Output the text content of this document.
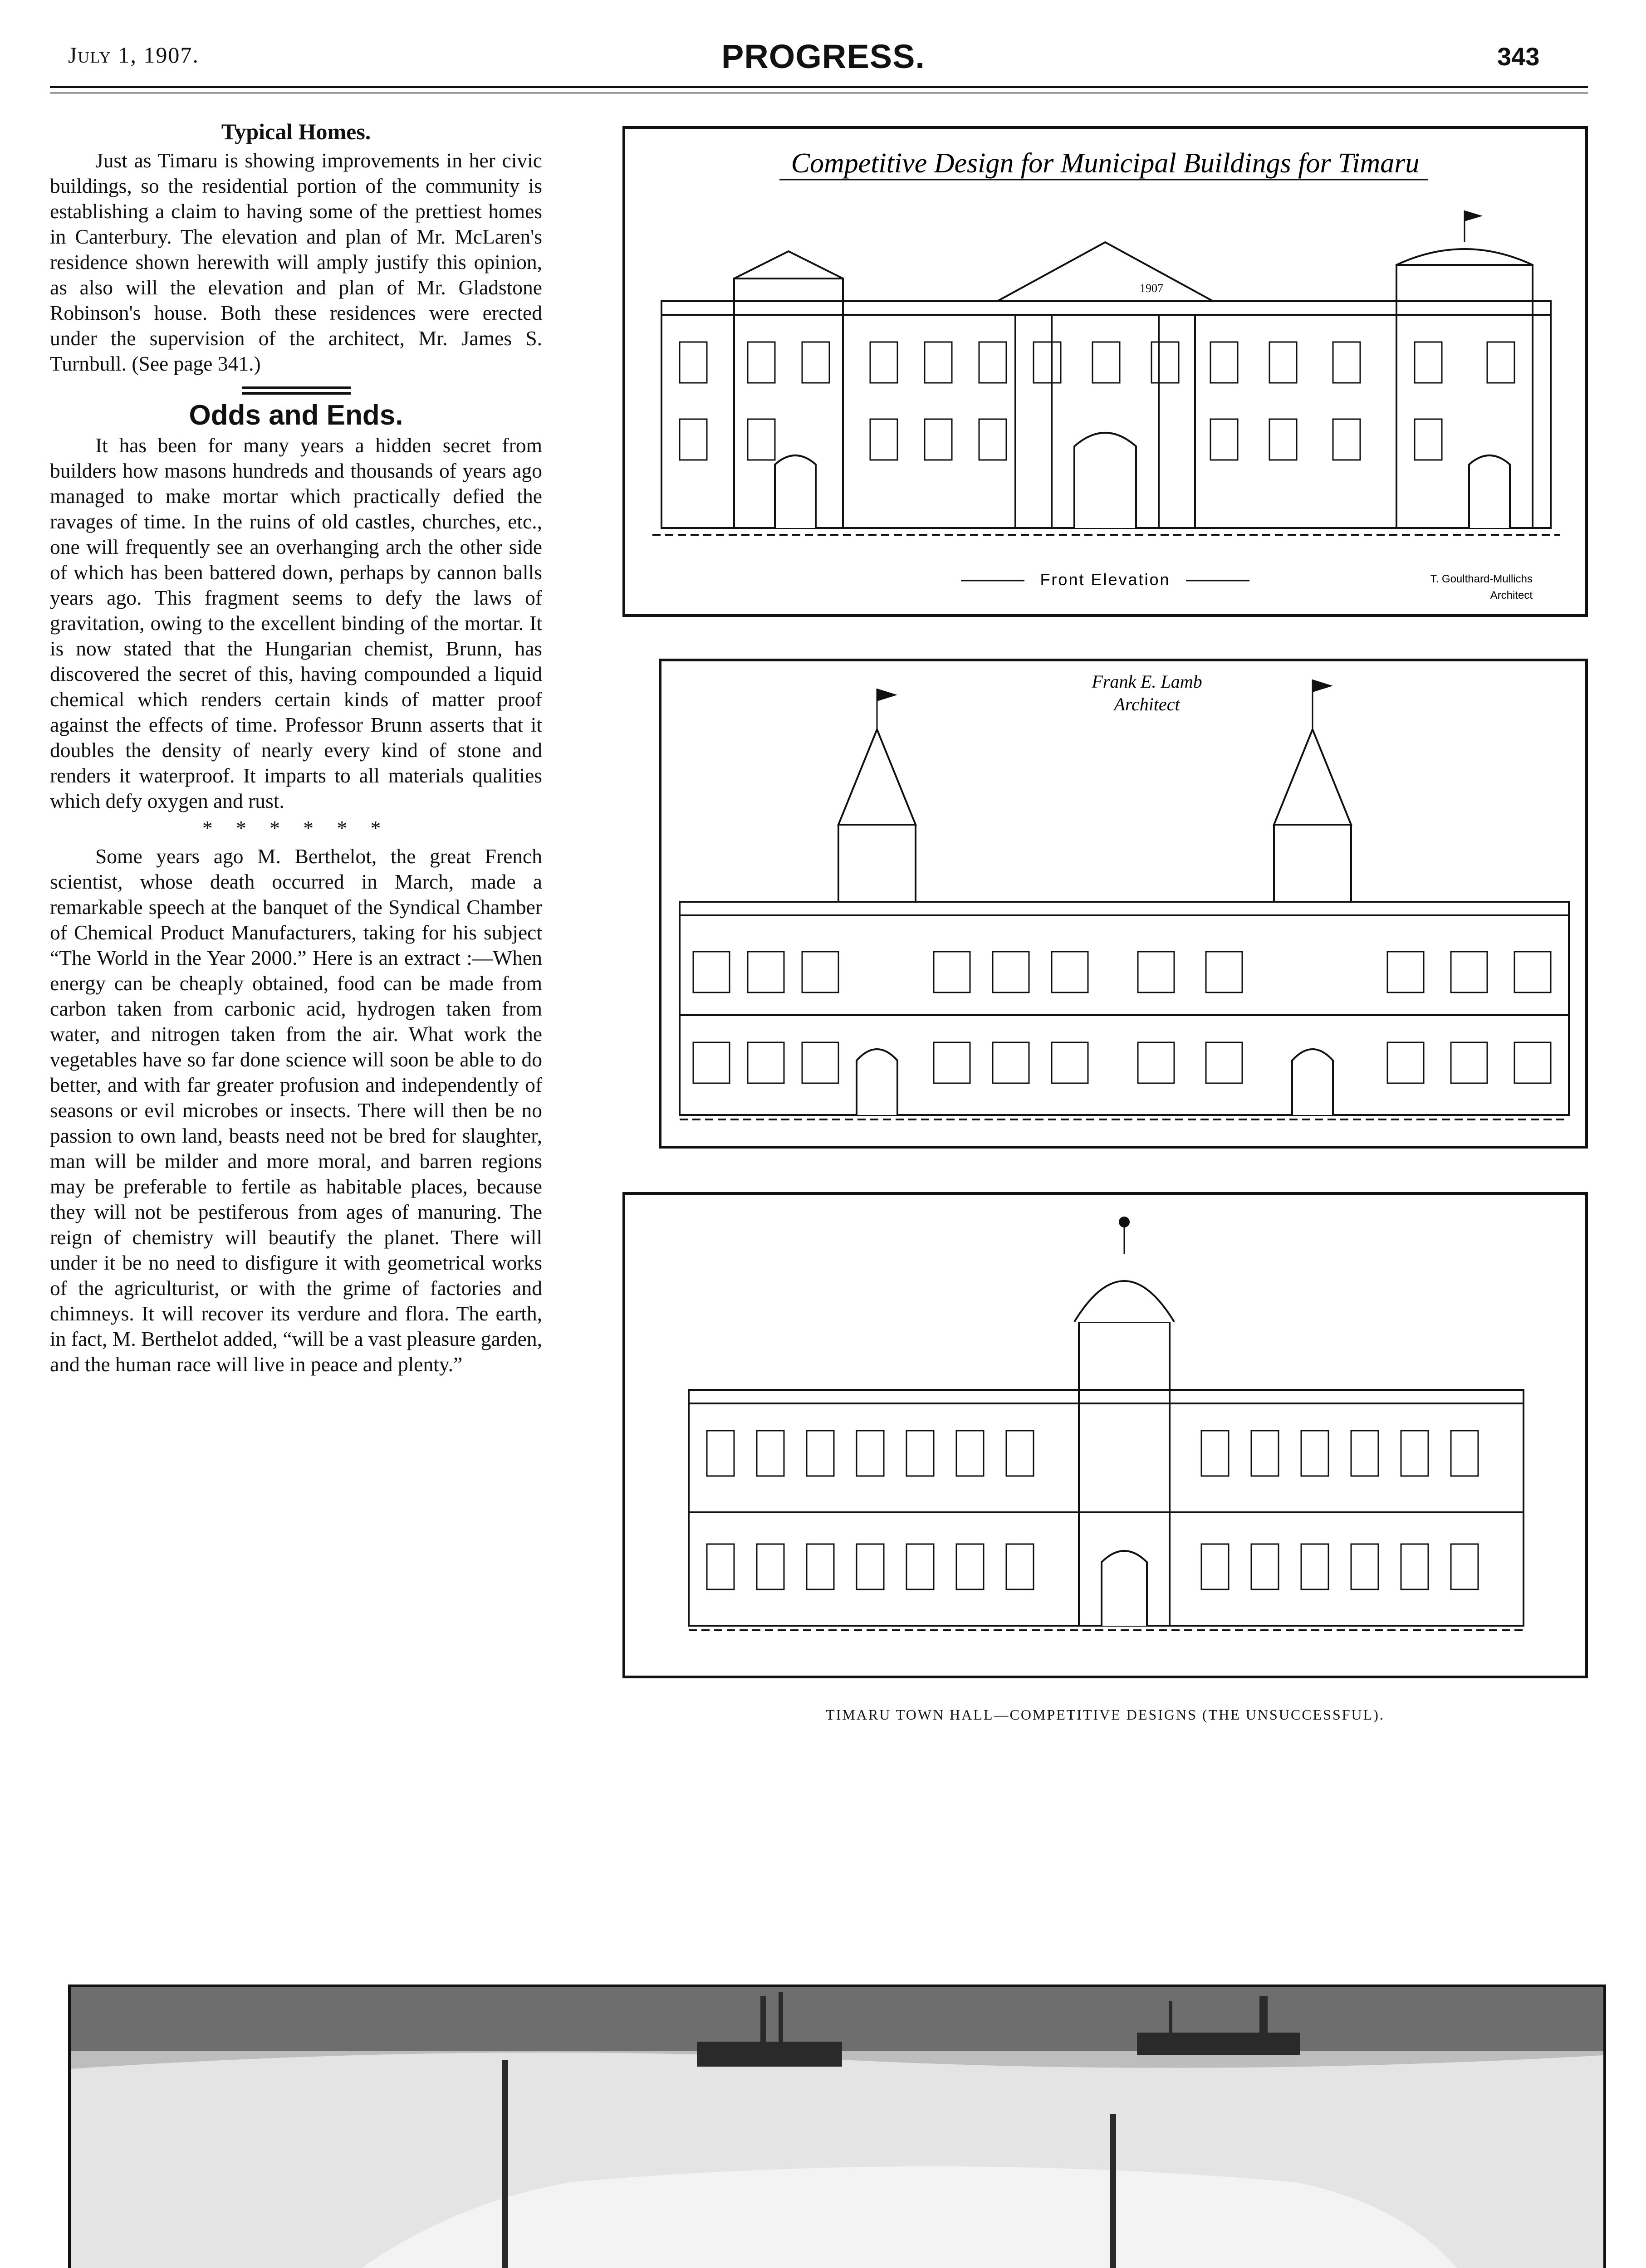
July 1, 1907.	PROGRESS.	343
Typical Homes.

Just as Timaru is showing improvements in her civic buildings, so the residential portion of the community is establishing a claim to having some of the prettiest homes in Canterbury. The elevation and plan of Mr. McLaren's residence shown herewith will amply justify this opinion, as also will the elevation and plan of Mr. Gladstone Robinson's house. Both these residences were erected under the supervision of the architect, Mr. James S. Turnbull. (See page 341.)

Odds and Ends.

It has been for many years a hidden secret from builders how masons hundreds and thousands of years ago managed to make mortar which practically defied the ravages of time. In the ruins of old castles, churches, etc., one will frequently see an overhanging arch the other side of which has been battered down, perhaps by cannon balls years ago. This fragment seems to defy the laws of gravitation, owing to the excellent binding of the mortar. It is now stated that the Hungarian chemist, Brunn, has discovered the secret of this, having compounded a liquid chemical which renders certain kinds of matter proof against the effects of time. Professor Brunn asserts that it doubles the density of nearly every kind of stone and renders it waterproof. It imparts to all materials qualities which defy oxygen and rust.

* * * * * *

Some years ago M. Berthelot, the great French scientist, whose death occurred in March, made a remarkable speech at the banquet of the Syndical Chamber of Chemical Product Manufacturers, taking for his subject “The World in the Year 2000.” Here is an extract :—When energy can be cheaply obtained, food can be made from carbon taken from carbonic acid, hydrogen taken from water, and nitrogen taken from the air. What work the vegetables have so far done science will soon be able to do better, and with far greater profusion and independently of seasons or evil microbes or insects. There will then be no passion to own land, beasts need not be bred for slaughter, man will be milder and more moral, and barren regions may be preferable to fertile as habitable places, because they will not be pestiferous from ages of manuring. The reign of chemistry will beautify the planet. There will under it be no need to disfigure it with geometrical works of the agriculturist, or with the grime of factories and chimneys. It will recover its verdure and flora. The earth, in fact, M. Berthelot added, “will be a vast pleasure garden, and the human race will live in peace and plenty.”

Competitive Design for Municipal Buildings for Timaru
1907
Front Elevation	T. Goulthard-Mullichs
Architect
Frank E. Lamb
Architect
TIMARU TOWN HALL—COMPETITIVE DESIGNS (THE UNSUCCESSFUL).
